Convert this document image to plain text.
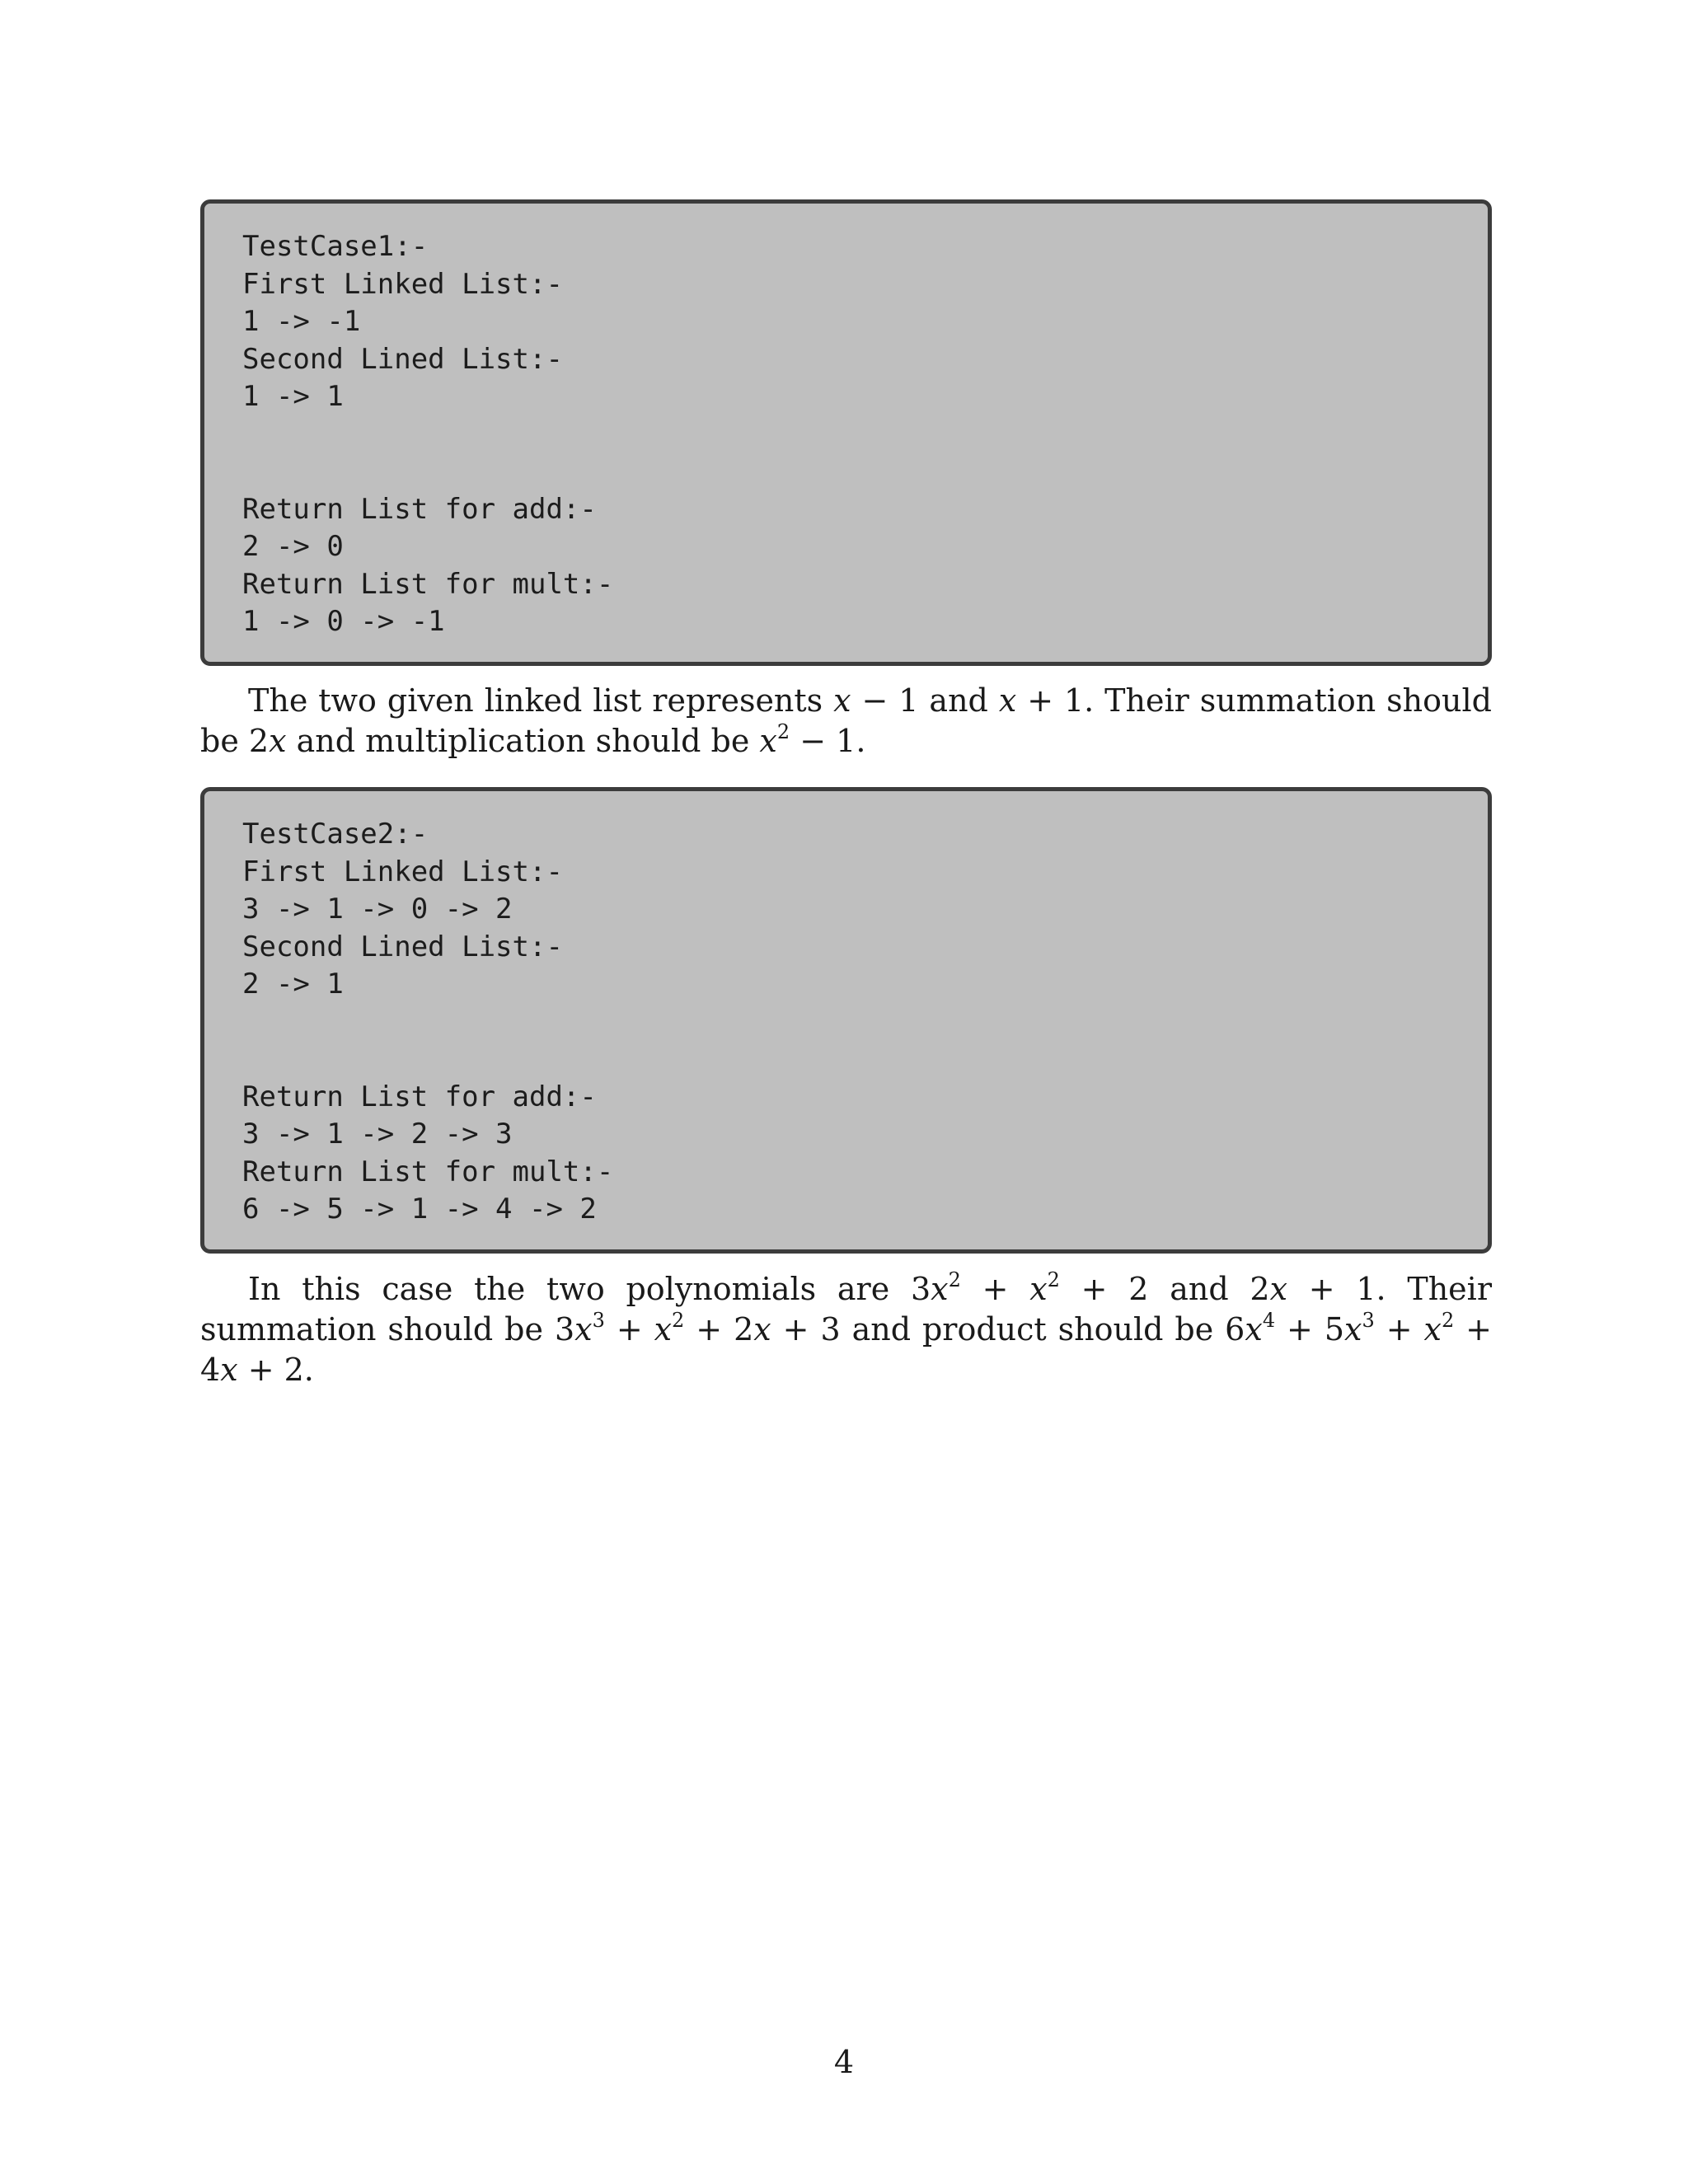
TestCase1:-
First Linked List:-
1 -> -1
Second Lined List:-
1 -> 1
Return List for add:-
2 -> 0
Return List for mult:-
1 -> 0 -> -1

The two given linked list represents x − 1 and x + 1. Their summation should be 2x and multiplication should be $x^2 - 1$.

TestCase2:-
First Linked List:-
3 -> 1 -> 0 -> 2
Second Lined List:-
2 -> 1
Return List for add:-
3 -> 1 -> 2 -> 3
Return List for mult:-
6 -> 5 -> 1 -> 4 -> 2

In this case the two polynomials are $3x^2 + x^2 + 2$ and 2x + 1. Their summation should be $3x^3 + x^2 + 2x + 3$ and product should be $6x^4 + 5x^3 + x^2 + 4x + 2$.

4
